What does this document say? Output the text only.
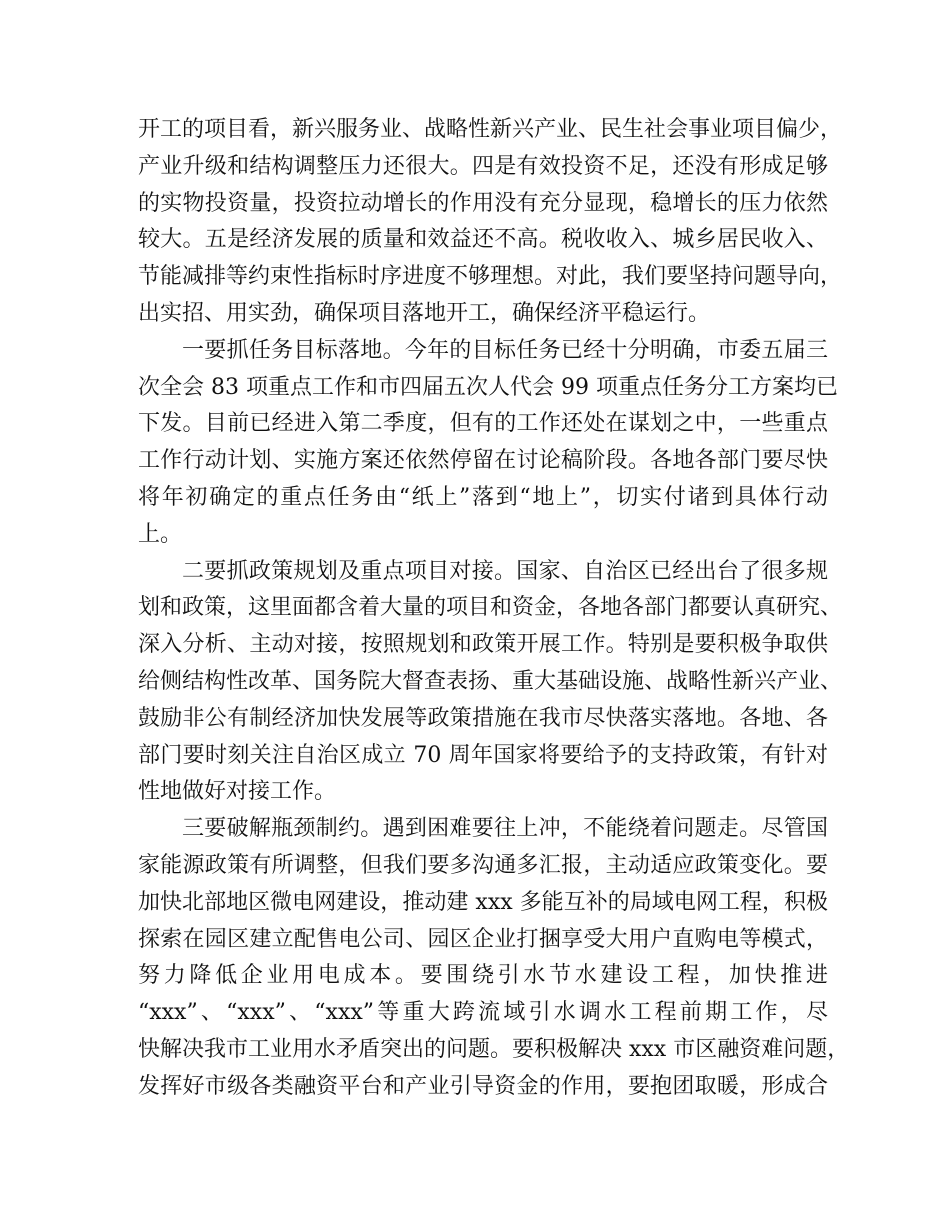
开工的项目看，新兴服务业、战略性新兴产业、民生社会事业项目偏少，
产业升级和结构调整压力还很大。四是有效投资不足，还没有形成足够
的实物投资量，投资拉动增长的作用没有充分显现，稳增长的压力依然
较大。五是经济发展的质量和效益还不高。税收收入、城乡居民收入、
节能减排等约束性指标时序进度不够理想。对此，我们要坚持问题导向，
出实招、用实劲，确保项目落地开工，确保经济平稳运行。
一要抓任务目标落地。今年的目标任务已经十分明确，市委五届三
次全会 83 项重点工作和市四届五次人代会 99 项重点任务分工方案均已
下发。目前已经进入第二季度，但有的工作还处在谋划之中，一些重点
工作行动计划、实施方案还依然停留在讨论稿阶段。各地各部门要尽快
将年初确定的重点任务由“纸上”落到“地上”，切实付诸到具体行动
上。
二要抓政策规划及重点项目对接。国家、自治区已经出台了很多规
划和政策，这里面都含着大量的项目和资金，各地各部门都要认真研究、
深入分析、主动对接，按照规划和政策开展工作。特别是要积极争取供
给侧结构性改革、国务院大督查表扬、重大基础设施、战略性新兴产业、
鼓励非公有制经济加快发展等政策措施在我市尽快落实落地。各地、各
部门要时刻关注自治区成立 70 周年国家将要给予的支持政策，有针对
性地做好对接工作。
三要破解瓶颈制约。遇到困难要往上冲，不能绕着问题走。尽管国
家能源政策有所调整，但我们要多沟通多汇报，主动适应政策变化。要
加快北部地区微电网建设，推动建 xxx 多能互补的局域电网工程，积极
探索在园区建立配售电公司、园区企业打捆享受大用户直购电等模式，
努力降低企业用电成本。要围绕引水节水建设工程，加快推进
“xxx”、“xxx”、“xxx”等重大跨流域引水调水工程前期工作，尽
快解决我市工业用水矛盾突出的问题。要积极解决 xxx 市区融资难问题，
发挥好市级各类融资平台和产业引导资金的作用，要抱团取暖，形成合
